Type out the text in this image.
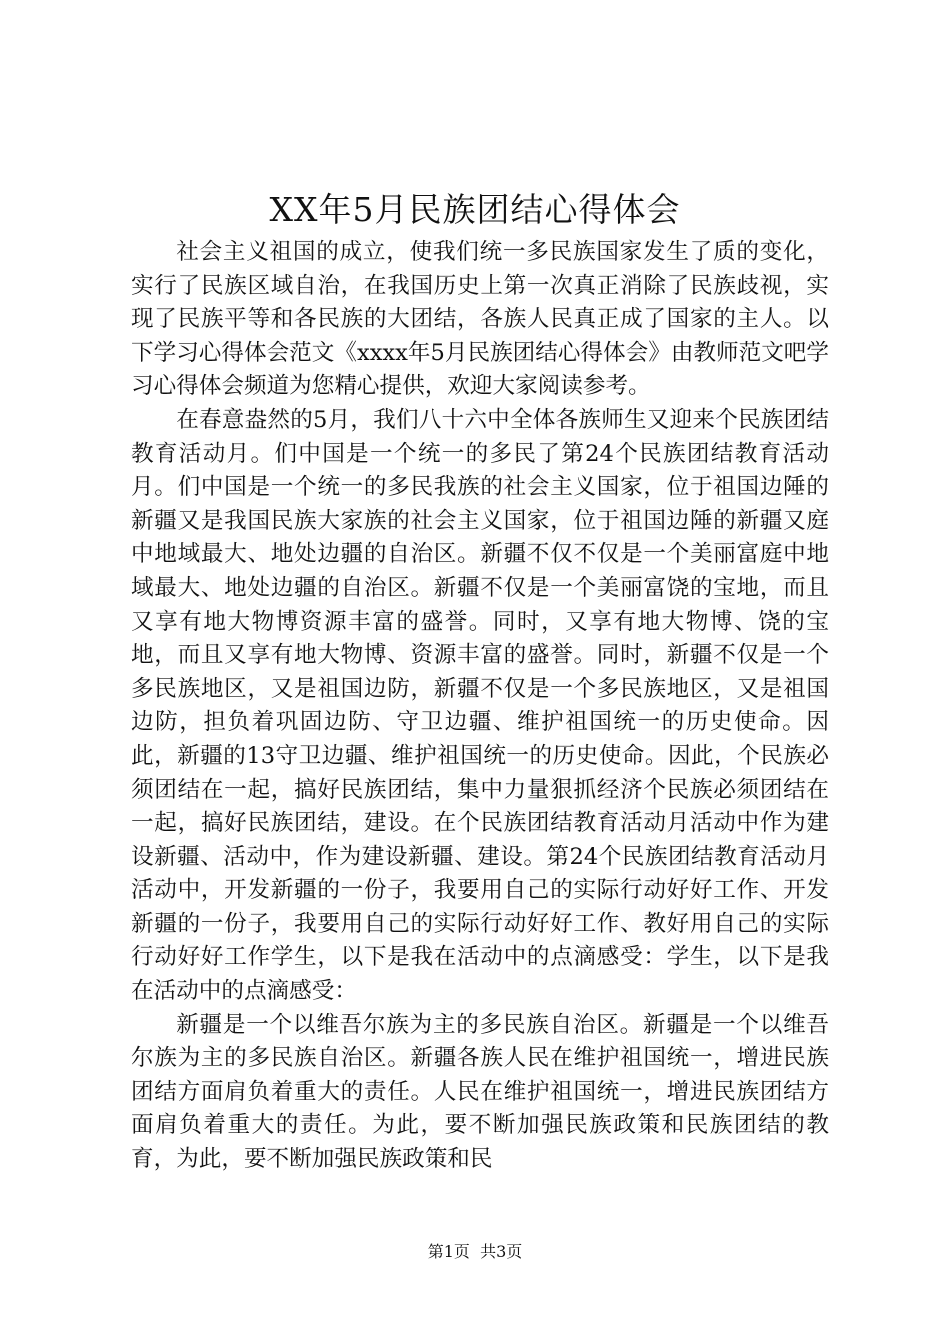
XX年5月民族团结心得体会

社会主义祖国的成立，使我们统一多民族国家发生了质的变化，实行了民族区域自治，在我国历史上第一次真正消除了民族歧视，实现了民族平等和各民族的大团结，各族人民真正成了国家的主人。以下学习心得体会范文《xxxx年5月民族团结心得体会》由教师范文吧学习心得体会频道为您精心提供，欢迎大家阅读参考。

在春意盎然的5月，我们八十六中全体各族师生又迎来个民族团结教育活动月。们中国是一个统一的多民了第24个民族团结教育活动月。们中国是一个统一的多民我族的社会主义国家，位于祖国边陲的新疆又是我国民族大家族的社会主义国家，位于祖国边陲的新疆又庭中地域最大、地处边疆的自治区。新疆不仅不仅是一个美丽富庭中地域最大、地处边疆的自治区。新疆不仅是一个美丽富饶的宝地，而且又享有地大物博资源丰富的盛誉。同时，又享有地大物博、饶的宝地，而且又享有地大物博、资源丰富的盛誉。同时，新疆不仅是一个多民族地区，又是祖国边防，新疆不仅是一个多民族地区，又是祖国边防，担负着巩固边防、守卫边疆、维护祖国统一的历史使命。因此，新疆的13守卫边疆、维护祖国统一的历史使命。因此，个民族必须团结在一起，搞好民族团结，集中力量狠抓经济个民族必须团结在一起，搞好民族团结，建设。在个民族团结教育活动月活动中作为建设新疆、活动中，作为建设新疆、建设。第24个民族团结教育活动月活动中，开发新疆的一份子，我要用自己的实际行动好好工作、开发新疆的一份子，我要用自己的实际行动好好工作、教好用自己的实际行动好好工作学生，以下是我在活动中的点滴感受：学生，以下是我在活动中的点滴感受：

新疆是一个以维吾尔族为主的多民族自治区。新疆是一个以维吾尔族为主的多民族自治区。新疆各族人民在维护祖国统一，增进民族团结方面肩负着重大的责任。人民在维护祖国统一，增进民族团结方面肩负着重大的责任。为此，要不断加强民族政策和民族团结的教育，为此，要不断加强民族政策和民

第1页  共3页
